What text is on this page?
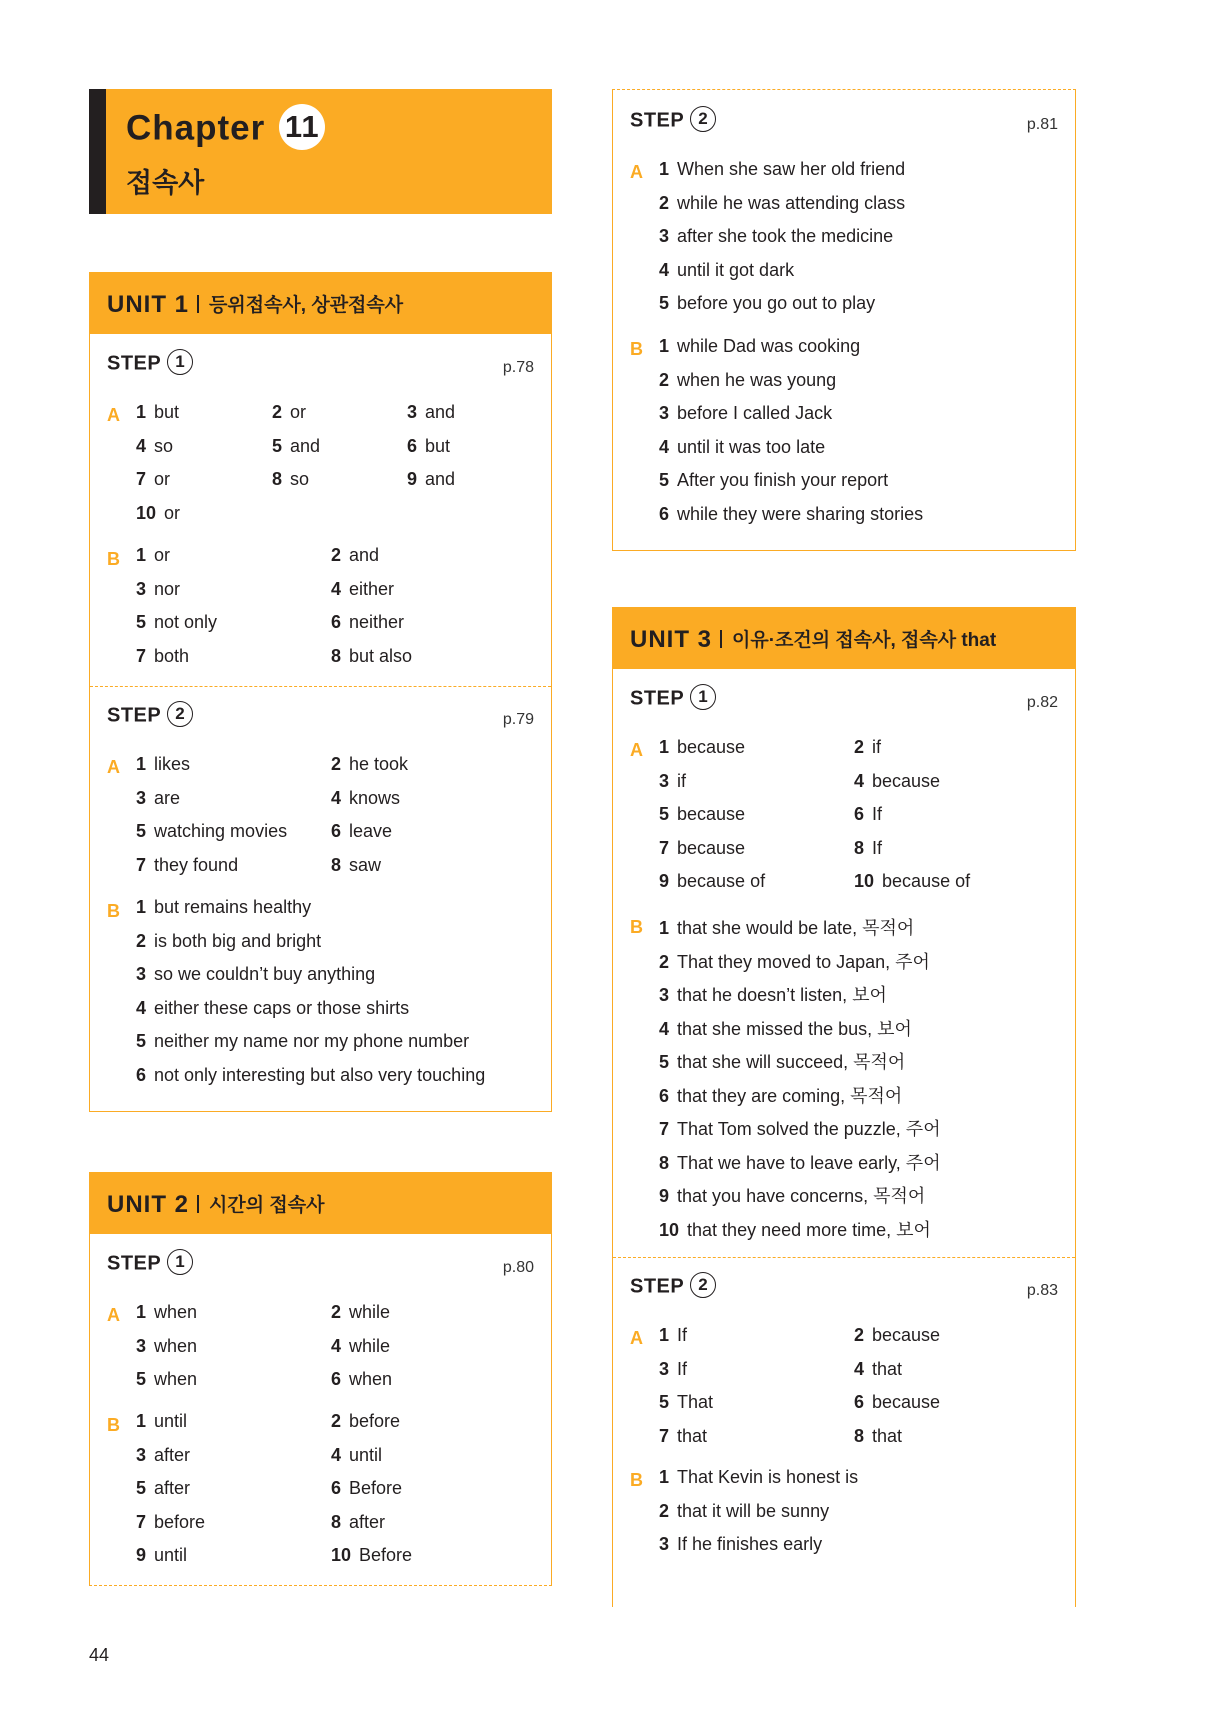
Chapter 11
접속사
UNIT 1 등위접속사, 상관접속사
STEP 1	p.78
A
B
STEP 2	p.79
A
B
1 but	2 or	3 and
4 so	5 and	6 but
7 or	8 so	9 and
10 or
1 or	2 and
3 nor	4 either
5 not only	6 neither
7 both	8 but also
1 likes	2 he took
3 are	4 knows
5 watching movies 6 leave
7 they found	8 saw
1 but remains healthy
2 is both big and bright
3 so we couldn’t buy anything
4 either these caps or those shirts
5 neither my name nor my phone number
6 not only interesting but also very touching
UNIT 2 시간의 접속사
STEP 1	p.80
A
B
1 when	2 while
3 when	4 while
5 when	6 when
1 until	2 before
3 after	4 until
5 after	6 Before
7 before	8 after
9 until	10 Before
STEP 2	p.81
A
B
1 When she saw her old friend
2 while he was attending class
3 after she took the medicine
4 until it got dark
5 before you go out to play
1 while Dad was cooking
2 when he was young
3 before I called Jack
4 until it was too late
5 After you finish your report
6 while they were sharing stories
UNIT 3 이유·조건의 접속사, 접속사 that
STEP 1	p.82
A
B
STEP 2	p.83
A
B
1 because	2 if
3 if	4 because
5 because	6 If
7 because	8 If
9 because of	10 because of
1 that she would be late, 목적어
2 That they moved to Japan, 주어
3 that he doesn’t listen, 보어
4 that she missed the bus, 보어
5 that she will succeed, 목적어
6 that they are coming, 목적어
7 That Tom solved the puzzle, 주어
8 That we have to leave early, 주어
9 that you have concerns, 목적어
10 that they need more time, 보어
1 If	2 because
3 If	4 that
5 That	6 because
7 that	8 that
1 That Kevin is honest is
2 that it will be sunny
3 If he finishes early
44
